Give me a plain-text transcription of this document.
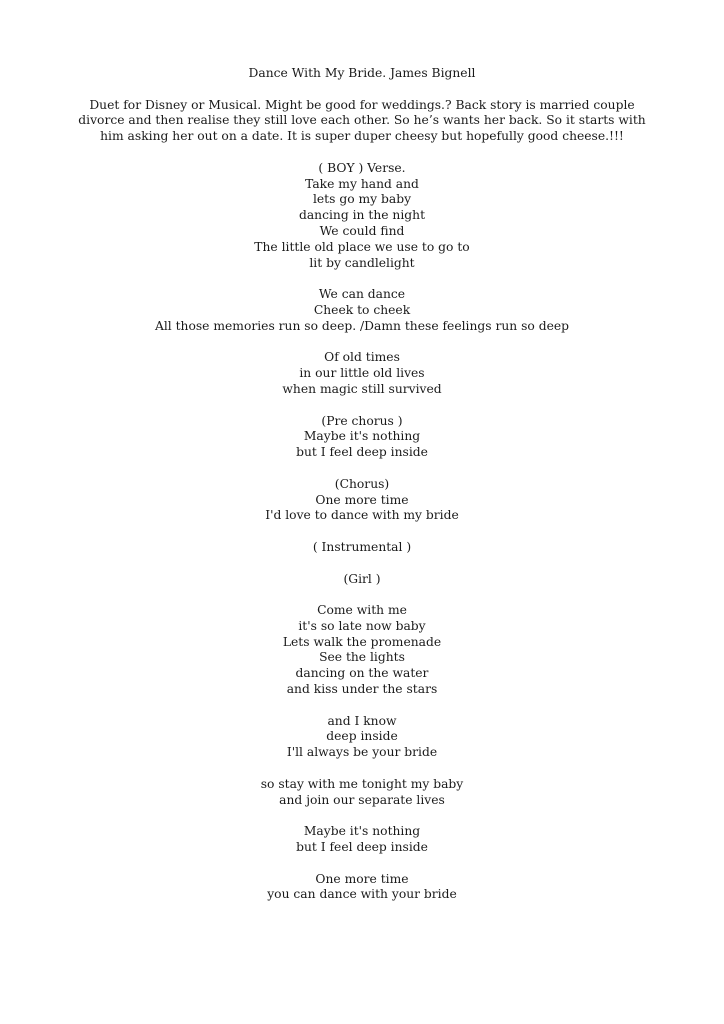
Dance With My Bride. James Bignell
Duet for Disney or Musical. Might be good for weddings.? Back story is married couple
divorce and then realise they still love each other. So he’s wants her back. So it starts with
him asking her out on a date. It is super duper cheesy but hopefully good cheese.!!!
( BOY ) Verse.
Take my hand and
lets go my baby
dancing in the night
We could find
The little old place we use to go to
lit by candlelight
We can dance
Cheek to cheek
All those memories run so deep. /Damn these feelings run so deep
Of old times
in our little old lives
when magic still survived
(Pre chorus )
Maybe it's nothing
but I feel deep inside
(Chorus)
One more time
I'd love to dance with my bride
( Instrumental )
(Girl )
Come with me
it's so late now baby
Lets walk the promenade
See the lights
dancing on the water
and kiss under the stars
and I know
deep inside
I'll always be your bride
so stay with me tonight my baby
and join our separate lives
Maybe it's nothing
but I feel deep inside
One more time
you can dance with your bride
